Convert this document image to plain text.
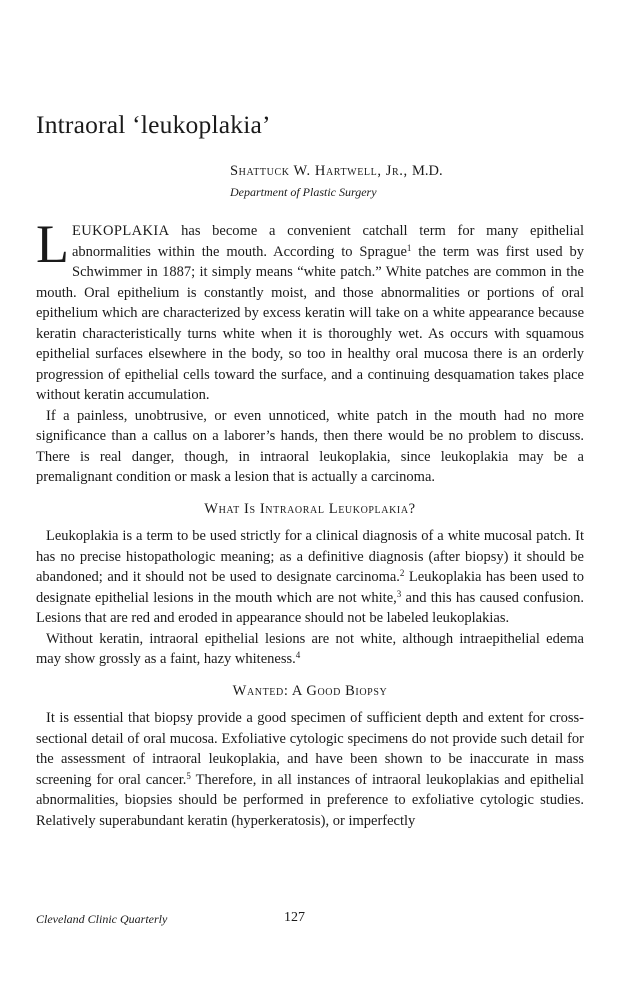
Intraoral ‘leukoplakia’
Shattuck W. Hartwell, Jr., M.D.
Department of Plastic Surgery

LEUKOPLAKIA has become a convenient catchall term for many epithelial abnormalities within the mouth. According to Sprague$^1$ the term was first used by Schwimmer in 1887; it simply means “white patch.” White patches are common in the mouth. Oral epithelium is constantly moist, and those abnormalities or portions of oral epithelium which are characterized by excess keratin will take on a white appearance because keratin characteristically turns white when it is thoroughly wet. As occurs with squamous epithelial surfaces elsewhere in the body, so too in healthy oral mucosa there is an orderly progression of epithelial cells toward the surface, and a continuing desquamation takes place without keratin accumulation.

If a painless, unobtrusive, or even unnoticed, white patch in the mouth had no more significance than a callus on a laborer’s hands, then there would be no problem to discuss. There is real danger, though, in intraoral leukoplakia, since leukoplakia may be a premalignant condition or mask a lesion that is actually a carcinoma.

What Is Intraoral Leukoplakia?

Leukoplakia is a term to be used strictly for a clinical diagnosis of a white mucosal patch. It has no precise histopathologic meaning; as a definitive diagnosis (after biopsy) it should be abandoned; and it should not be used to designate carcinoma.$^2$ Leukoplakia has been used to designate epithelial lesions in the mouth which are not white,$^3$ and this has caused confusion. Lesions that are red and eroded in appearance should not be labeled leukoplakias.

Without keratin, intraoral epithelial lesions are not white, although intraepithelial edema may show grossly as a faint, hazy whiteness.$^4$

Wanted: A Good Biopsy

It is essential that biopsy provide a good specimen of sufficient depth and extent for cross-sectional detail of oral mucosa. Exfoliative cytologic specimens do not provide such detail for the assessment of intraoral leukoplakia, and have been shown to be inaccurate in mass screening for oral cancer.$^5$ Therefore, in all instances of intraoral leukoplakias and epithelial abnormalities, biopsies should be performed in preference to exfoliative cytologic studies. Relatively superabundant keratin (hyperkeratosis), or imperfectly

Cleveland Clinic Quarterly	127
